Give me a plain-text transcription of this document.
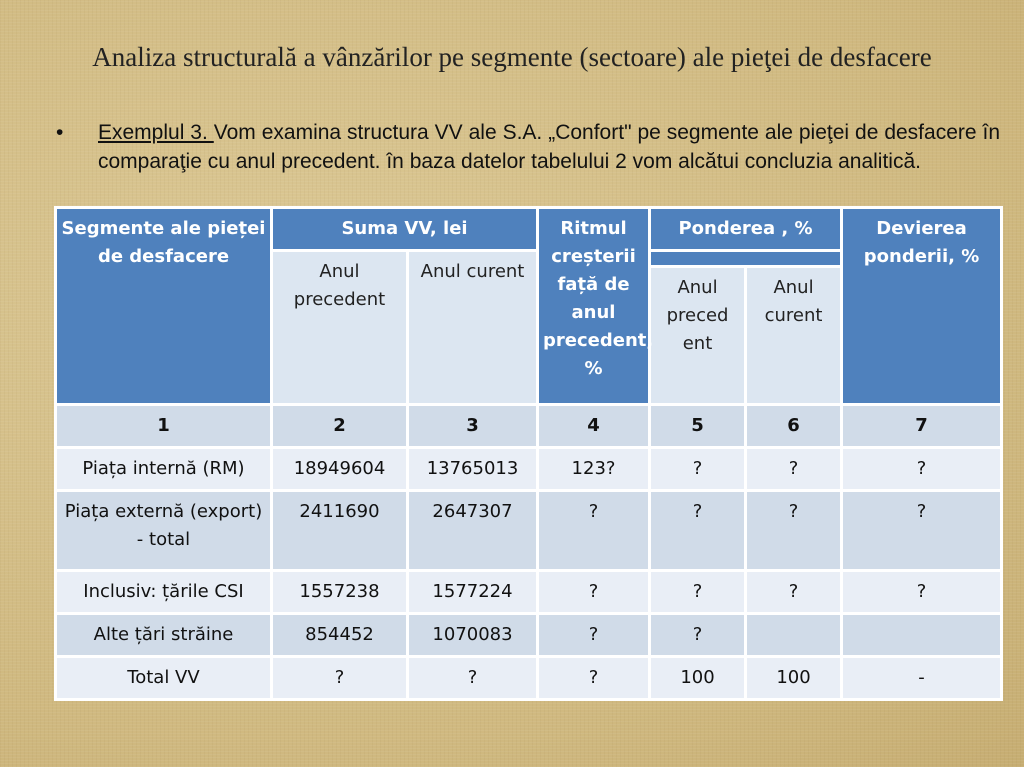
Analiza structurală a vânzărilor pe segmente (sectoare) ale pieţei de desfacere
• Exemplul 3. Vom examina structura VV ale S.A. „Confort" pe segmente ale pieţei de desfacere în comparaţie cu anul precedent. în baza datelor tabelului 2 vom alcătui concluzia analitică.

Segmente ale pieței de desfacere	Suma VV, lei		Ritmul creșterii față de anul precedent, %	Ponderea , %		Devierea ponderii, %
	Anul precedent	Anul curent				
				Anul preced ent	Anul curent	
1	2	3	4	5	6	7
Piața internă (RM)	18949604	13765013	123?	?	?	?
Piața externă (export) - total	2411690	2647307	?	?	?	?
Inclusiv: țările CSI	1557238	1577224	?	?	?	?
Alte țări străine	854452	1070083	?	?		
Total VV	?	?	?	100	100	-
